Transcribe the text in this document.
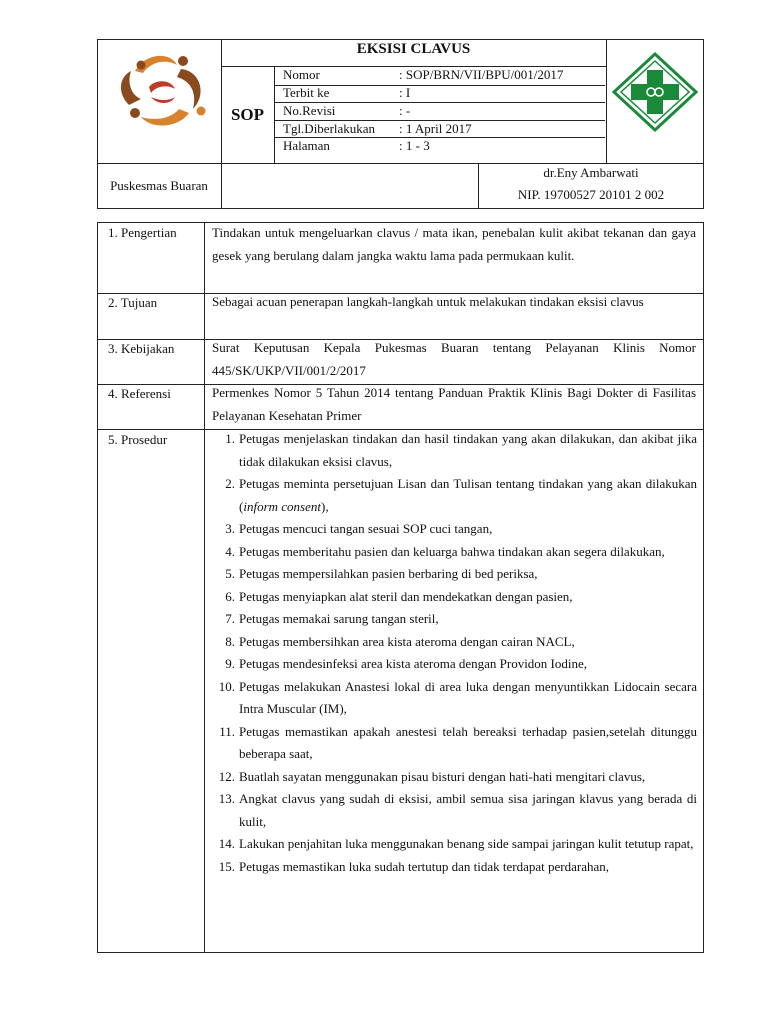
EKSISI CLAVUS
SOP
Nomor	: SOP/BRN/VII/BPU/001/2017
Terbit ke	: I
No.Revisi	: -
Tgl.Diberlakukan : 1 April 2017
Halaman	: 1 - 3
Puskesmas Buaran
dr.Eny Ambarwati
NIP. 19700527 20101 2 002
1. Pengertian	Tindakan untuk mengeluarkan clavus / mata ikan, penebalan kulit akibat tekanan dan gaya gesek yang berulang dalam jangka waktu lama pada permukaan kulit.
2. Tujuan	Sebagai acuan penerapan langkah-langkah untuk melakukan tindakan eksisi clavus
3. Kebijakan	Surat Keputusan Kepala Pukesmas Buaran tentang Pelayanan Klinis Nomor 445/SK/UKP/VII/001/2/2017
4. Referensi	Permenkes Nomor 5 Tahun 2014 tentang Panduan Praktik Klinis Bagi Dokter di Fasilitas Pelayanan Kesehatan Primer
5. Prosedur	1. Petugas menjelaskan tindakan dan hasil tindakan yang akan dilakukan, dan akibat jika tidak dilakukan eksisi clavus,
2. Petugas meminta persetujuan Lisan dan Tulisan tentang tindakan yang akan dilakukan (inform consent),
3. Petugas mencuci tangan sesuai SOP cuci tangan,
4. Petugas memberitahu pasien dan keluarga bahwa tindakan akan segera dilakukan,
5. Petugas mempersilahkan pasien berbaring di bed periksa,
6. Petugas menyiapkan alat steril dan mendekatkan dengan pasien,
7. Petugas memakai sarung tangan steril,
8. Petugas membersihkan area kista ateroma dengan cairan NACL,
9. Petugas mendesinfeksi area kista ateroma dengan Providon Iodine,
10. Petugas melakukan Anastesi lokal di area luka dengan menyuntikkan Lidocain secara Intra Muscular (IM),
11. Petugas memastikan apakah anestesi telah bereaksi terhadap pasien,setelah ditunggu beberapa saat,
12. Buatlah sayatan menggunakan pisau bisturi dengan hati-hati mengitari clavus,
13. Angkat clavus yang sudah di eksisi, ambil semua sisa jaringan klavus yang berada di kulit,
14. Lakukan penjahitan luka menggunakan benang side sampai jaringan kulit tetutup rapat,
15. Petugas memastikan luka sudah tertutup dan tidak terdapat perdarahan,
